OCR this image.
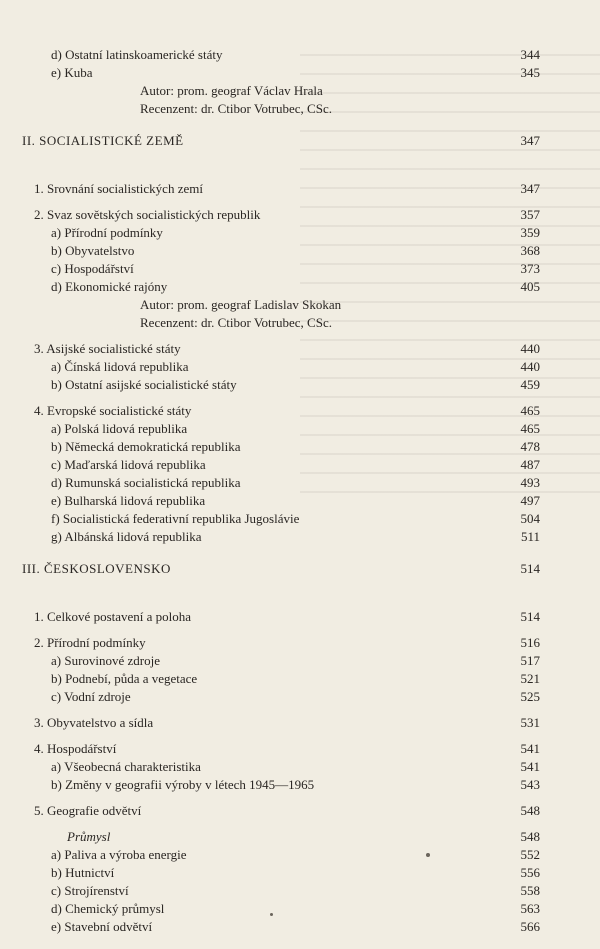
d) Ostatní latinskoamerické státy	344
e) Kuba	345
Autor: prom. geograf Václav Hrala
Recenzent: dr. Ctibor Votrubec, CSc.
II. SOCIALISTICKÉ ZEMĚ	347
1. Srovnání socialistických zemí	347
2. Svaz sovětských socialistických republik	357
a) Přírodní podmínky	359
b) Obyvatelstvo	368
c) Hospodářství	373
d) Ekonomické rajóny	405
Autor: prom. geograf Ladislav Skokan
Recenzent: dr. Ctibor Votrubec, CSc.
3. Asijské socialistické státy	440
a) Čínská lidová republika	440
b) Ostatní asijské socialistické státy	459
4. Evropské socialistické státy	465
a) Polská lidová republika	465
b) Německá demokratická republika	478
c) Maďarská lidová republika	487
d) Rumunská socialistická republika	493
e) Bulharská lidová republika	497
f) Socialistická federativní republika Jugoslávie	504
g) Albánská lidová republika	511
III. ČESKOSLOVENSKO	514
1. Celkové postavení a poloha	514
2. Přírodní podmínky	516
a) Surovinové zdroje	517
b) Podnebí, půda a vegetace	521
c) Vodní zdroje	525
3. Obyvatelstvo a sídla	531
4. Hospodářství	541
a) Všeobecná charakteristika	541
b) Změny v geografii výroby v létech 1945—1965	543
5. Geografie odvětví	548
Průmysl	548
a) Paliva a výroba energie	552
b) Hutnictví	556
c) Strojírenství	558
d) Chemický průmysl	563
e) Stavební odvětví	566
